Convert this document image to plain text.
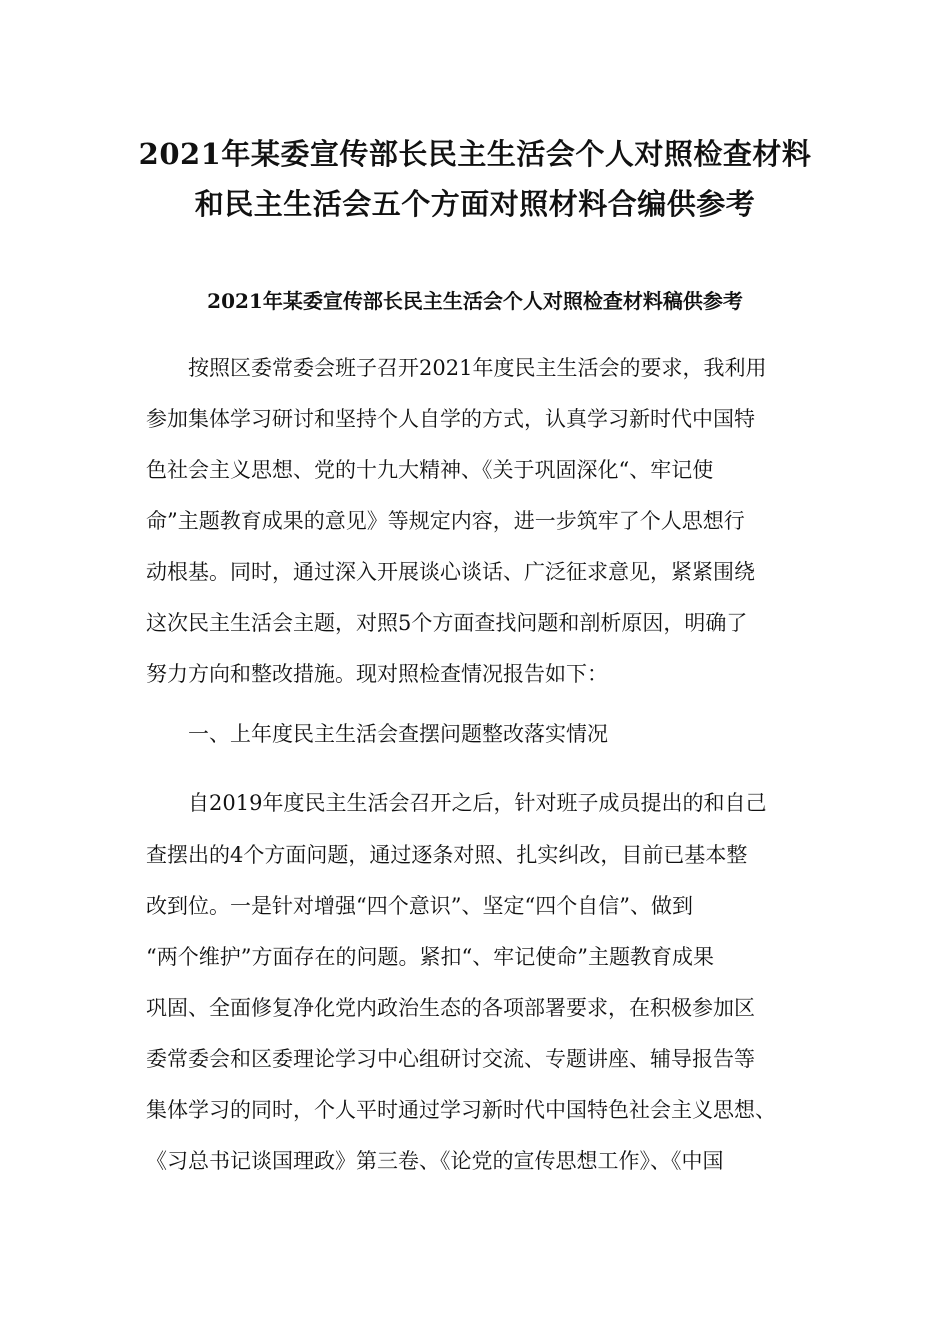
2021年某委宣传部长民主生活会个人对照检查材料
和民主生活会五个方面对照材料合编供参考
2021年某委宣传部长民主生活会个人对照检查材料稿供参考
按照区委常委会班子召开2021年度民主生活会的要求，我利用
参加集体学习研讨和坚持个人自学的方式，认真学习新时代中国特
色社会主义思想、党的十九大精神、《关于巩固深化“、牢记使
命”主题教育成果的意见》等规定内容，进一步筑牢了个人思想行
动根基。同时，通过深入开展谈心谈话、广泛征求意见，紧紧围绕
这次民主生活会主题，对照5个方面查找问题和剖析原因，明确了
努力方向和整改措施。现对照检查情况报告如下：
一、上年度民主生活会查摆问题整改落实情况
自2019年度民主生活会召开之后，针对班子成员提出的和自己
查摆出的4个方面问题，通过逐条对照、扎实纠改，目前已基本整
改到位。一是针对增强“四个意识”、坚定“四个自信”、做到
“两个维护”方面存在的问题。紧扣“、牢记使命”主题教育成果
巩固、全面修复净化党内政治生态的各项部署要求，在积极参加区
委常委会和区委理论学习中心组研讨交流、专题讲座、辅导报告等
集体学习的同时，个人平时通过学习新时代中国特色社会主义思想、
《习总书记谈国理政》第三卷、《论党的宣传思想工作》、《中国
